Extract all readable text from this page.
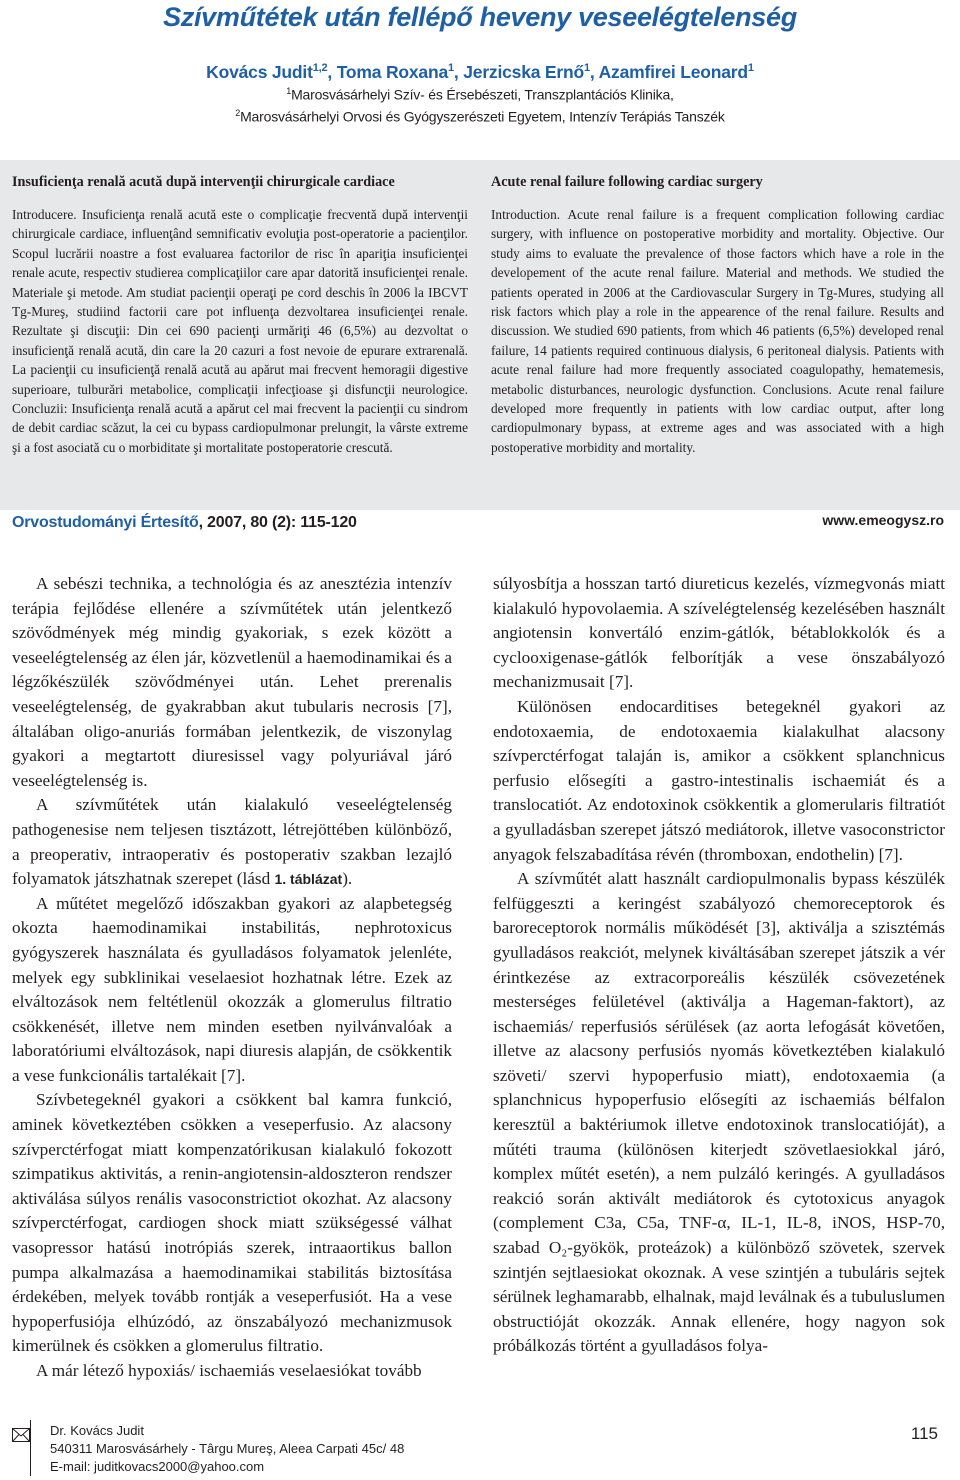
Szívműtétek után fellépő heveny veseelégtelenség
Kovács Judit$^{1,2}$, Toma Roxana$^1$, Jerzicska Ernő$^1$, Azamfirei Leonard$^1$
$^1$Marosvásárhelyi Szív- és Érsebészeti, Transzplantációs Klinika,
$^2$Marosvásárhelyi Orvosi és Gyógyszerészeti Egyetem, Intenzív Terápiás Tanszék

Insuficienţa renală acută după intervenţii chirurgicale cardiace

Introducere. Insuficienţa renală acută este o complicaţie frecventă după intervenţii chirurgicale cardiace, influenţând semnificativ evoluţia post-operatorie a pacienţilor. Scopul lucrării noastre a fost evaluarea factorilor de risc în apariţia insuficienţei renale acute, respectiv studierea complicaţiilor care apar datorită insuficienţei renale. Materiale şi metode. Am studiat pacienţii operaţi pe cord deschis în 2006 la IBCVT Tg-Mureş, studiind factorii care pot influenţa dezvoltarea insuficienţei renale. Rezultate şi discuţii: Din cei 690 pacienţi urmăriţi 46 (6,5%) au dezvoltat o insuficienţă renală acută, din care la 20 cazuri a fost nevoie de epurare extrarenală. La pacienţii cu insuficienţă renală acută au apărut mai frecvent hemoragii digestive superioare, tulburări metabolice, complicaţii infecţioase şi disfuncţii neurologice. Concluzii: Insuficienţa renală acută a apărut cel mai frecvent la pacienţii cu sindrom de debit cardiac scăzut, la cei cu bypass cardiopulmonar prelungit, la vârste extreme şi a fost asociată cu o morbiditate şi mortalitate postoperatorie crescută.

Acute renal failure following cardiac surgery

Introduction. Acute renal failure is a frequent complication following cardiac surgery, with influence on postoperative morbidity and mortality. Objective. Our study aims to evaluate the prevalence of those factors which have a role in the developement of the acute renal failure. Material and methods. We studied the patients operated in 2006 at the Cardiovascular Surgery in Tg-Mures, studying all risk factors which play a role in the appearence of the renal failure. Results and discussion. We studied 690 patients, from which 46 patients (6,5%) developed renal failure, 14 patients required continuous dialysis, 6 peritoneal dialysis. Patients with acute renal failure had more frequently associated coagulopathy, hematemesis, metabolic disturbances, neurologic dysfunction. Conclusions. Acute renal failure developed more frequently in patients with low cardiac output, after long cardiopulmonary bypass, at extreme ages and was associated with a high postoperative morbidity and mortality.

Orvostudományi Értesítő, 2007, 80 (2): 115-120	www.emeogysz.ro

A sebészi technika, a technológia és az anesztézia intenzív terápia fejlődése ellenére a szívműtétek után jelentkező szövődmények még mindig gyakoriak, s ezek között a veseelégtelenség az élen jár, közvetlenül a haemodinamikai és a légzőkészülék szövődményei után. Lehet prerenalis veseelégtelenség, de gyakrabban akut tubularis necrosis [7], általában oligo-anuriás formában jelentkezik, de viszonylag gyakori a megtartott diuresissel vagy polyuriával járó veseelégtelenség is.

A szívműtétek után kialakuló veseelégtelenség pathogenesise nem teljesen tisztázott, létrejöttében különböző, a preoperativ, intraoperativ és postoperativ szakban lezajló folyamatok játszhatnak szerepet (lásd 1. táblázat).

A műtétet megelőző időszakban gyakori az alapbetegség okozta haemodinamikai instabilitás, nephrotoxicus gyógyszerek használata és gyulladásos folyamatok jelenléte, melyek egy subklinikai veselaesiot hozhatnak létre. Ezek az elváltozások nem feltétlenül okozzák a glomerulus filtratio csökkenését, illetve nem minden esetben nyilvánvalóak a laboratóriumi elváltozások, napi diuresis alapján, de csökkentik a vese funkcionális tartalékait [7].

Szívbetegeknél gyakori a csökkent bal kamra funkció, aminek következtében csökken a veseperfusio. Az alacsony szívperctérfogat miatt kompenzatórikusan kialakuló fokozott szimpatikus aktivitás, a renin-angiotensin-aldoszteron rendszer aktiválása súlyos renális vasoconstrictiot okozhat. Az alacsony szívperctérfogat, cardiogen shock miatt szükségessé válhat vasopressor hatású inotrópiás szerek, intraaortikus ballon pumpa alkalmazása a haemodinamikai stabilitás biztosítása érdekében, melyek tovább rontják a veseperfusiót. Ha a vese hypoperfusiója elhúzódó, az önszabályozó mechanizmusok kimerülnek és csökken a glomerulus filtratio.

A már létező hypoxiás/ ischaemiás veselaesiókat tovább

súlyosbítja a hosszan tartó diureticus kezelés, vízmegvonás miatt kialakuló hypovolaemia. A szívelégtelenség kezelésében használt angiotensin konvertáló enzim-gátlók, bétablokkolók és a cyclooxigenase-gátlók felborítják a vese önszabályozó mechanizmusait [7].

Különösen endocarditises betegeknél gyakori az endotoxaemia, de endotoxaemia kialakulhat alacsony szívperctérfogat talaján is, amikor a csökkent splanchnicus perfusio elősegíti a gastro-intestinalis ischaemiát és a translocatiót. Az endotoxinok csökkentik a glomerularis filtratiót a gyulladásban szerepet játszó mediátorok, illetve vasoconstrictor anyagok felszabadítása révén (thromboxan, endothelin) [7].

A szívműtét alatt használt cardiopulmonalis bypass készülék felfüggeszti a keringést szabályozó chemoreceptorok és baroreceptorok normális működését [3], aktiválja a szisztémás gyulladásos reakciót, melynek kiváltásában szerepet játszik a vér érintkezése az extracorporeális készülék csövezetének mesterséges felületével (aktiválja a Hageman-faktort), az ischaemiás/ reperfusiós sérülések (az aorta lefogását követően, illetve az alacsony perfusiós nyomás következtében kialakuló szöveti/ szervi hypoperfusio miatt), endotoxaemia (a splanchnicus hypoperfusio elősegíti az ischaemiás bélfalon keresztül a baktériumok illetve endotoxinok translocatióját), a műtéti trauma (különösen kiterjedt szövetlaesiokkal járó, komplex műtét esetén), a nem pulzáló keringés. A gyulladásos reakció során aktivált mediátorok és cytotoxicus anyagok (complement C3a, C5a, TNF-α, IL-1, IL-8, iNOS, HSP-70, szabad O₂-gyökök, proteázok) a különböző szövetek, szervek szintjén sejtlaesiokat okoznak. A vese szintjén a tubuláris sejtek sérülnek leghamarabb, elhalnak, majd leválnak és a tubuluslumen obstructióját okozzák. Annak ellenére, hogy nagyon sok próbálkozás történt a gyulladásos folya-

Dr. Kovács Judit
540311 Marosvásárhely - Târgu Mureş, Aleea Carpati 45c/ 48
E-mail: juditkovacs2000@yahoo.com
115
